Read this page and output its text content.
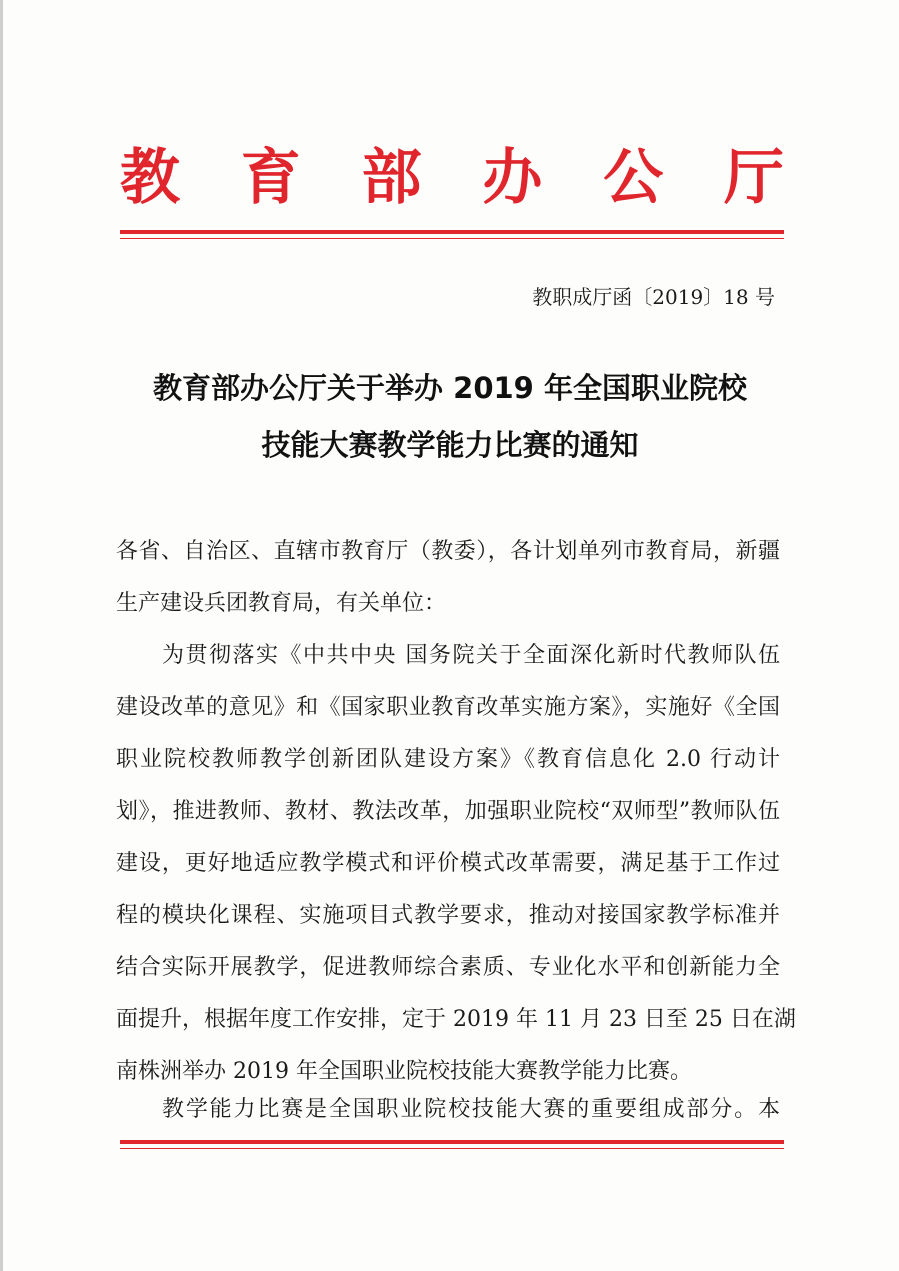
教 育 部 办 公 厅
教职成厅函〔2019〕18 号
教育部办公厅关于举办 2019 年全国职业院校
技能大赛教学能力比赛的通知
各省、自治区、直辖市教育厅（教委），各计划单列市教育局，新疆
生产建设兵团教育局，有关单位：
为贯彻落实《中共中央 国务院关于全面深化新时代教师队伍
建设改革的意见》和《国家职业教育改革实施方案》，实施好《全国
职业院校教师教学创新团队建设方案》《教育信息化 2.0 行动计
划》，推进教师、教材、教法改革，加强职业院校“双师型”教师队伍
建设，更好地适应教学模式和评价模式改革需要，满足基于工作过
程的模块化课程、实施项目式教学要求，推动对接国家教学标准并
结合实际开展教学，促进教师综合素质、专业化水平和创新能力全
面提升，根据年度工作安排，定于 2019 年 11 月 23 日至 25 日在湖
南株洲举办 2019 年全国职业院校技能大赛教学能力比赛。
教学能力比赛是全国职业院校技能大赛的重要组成部分。本
